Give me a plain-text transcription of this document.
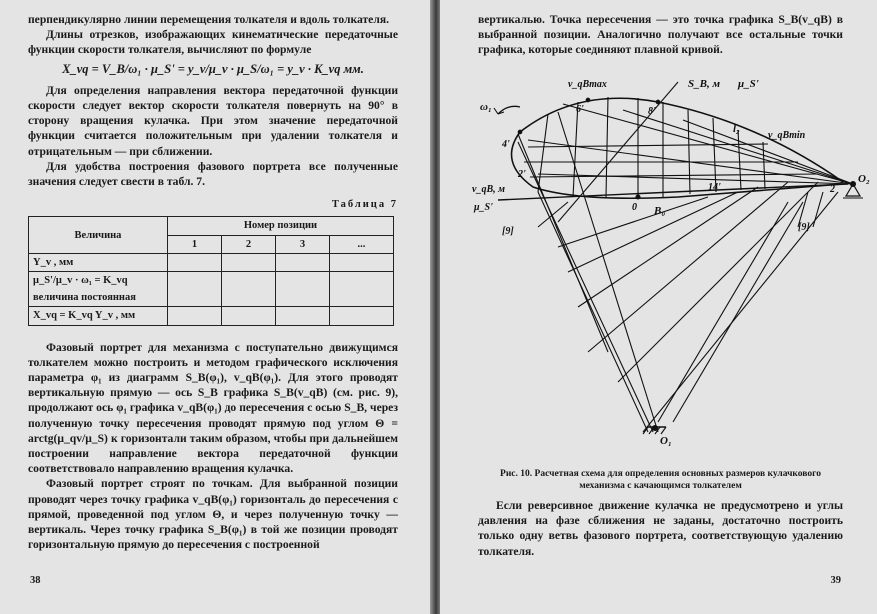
перпендикулярно линии перемещения толкателя и вдоль толкателя.

Длины отрезков, изображающих кинематические передаточные функции скорости толкателя, вычисляют по формуле

X_vq = V_B/ω₁ · μ_S' = y_v/μ_v · μ_S/ω₁ = y_v · K_vq мм.

Для определения направления вектора передаточной функции скорости следует вектор скорости толкателя повернуть на 90° в сторону вращения кулачка. При этом значение передаточной функции считается положительным при удалении толкателя и отрицательным — при сближении.

Для удобства построения фазового портрета все полученные значения следует свести в табл. 7.

Таблица 7

Величина	Номер позиции			
	1	2	3	...
Y_v , мм				
μ_S'/μ_v · ω₁ = K_vq				
величина постоянная				
X_vq = K_vq Y_v , мм				

Фазовый портрет для механизма с поступательно движущимся толкателем можно построить и методом графического исключения параметра φ₁ из диаграмм S_B(φ₁), v_qB(φ₁). Для этого проводят вертикальную прямую — ось S_B графика S_B(v_qB) (см. рис. 9), продолжают ось φ₁ графика v_qB(φ₁) до пересечения с осью S_B, через полученную точку пересечения проводят прямую под углом Θ = arctg(μ_qv/μ_S) к горизонтали таким образом, чтобы при дальнейшем построении направление вектора передаточной функции соответствовало направлению вращения кулачка.

Фазовый портрет строят по точкам. Для выбранной позиции проводят через точку графика v_qB(φ₁) горизонталь до пересечения с прямой, проведенной под углом Θ, и через полученную точку — вертикаль. Через точку графика S_B(φ₁) в той же позиции проводят горизонтальную прямую до пересечения с построенной

38

вертикалью. Точка пересечения — это точка графика S_B(v_qB) в выбранной позиции. Аналогично получают все остальные точки графика, которые соединяют плавной кривой.

v_qBmax	S_B, м μ_S'
ω₁	6'	8'
l₂
v_qBmin
4'
2'
14'	2
O₂
v_qB, м
μ_S'
[9]
0 B₀
[9]
O₁
Рис. 10. Расчетная схема для определения основных размеров кулачкового механизма с качающимся толкателем

Если реверсивное движение кулачка не предусмотрено и углы давления на фазе сближения не заданы, достаточно построить только одну ветвь фазового портрета, соответствующую удалению толкателя.

39
